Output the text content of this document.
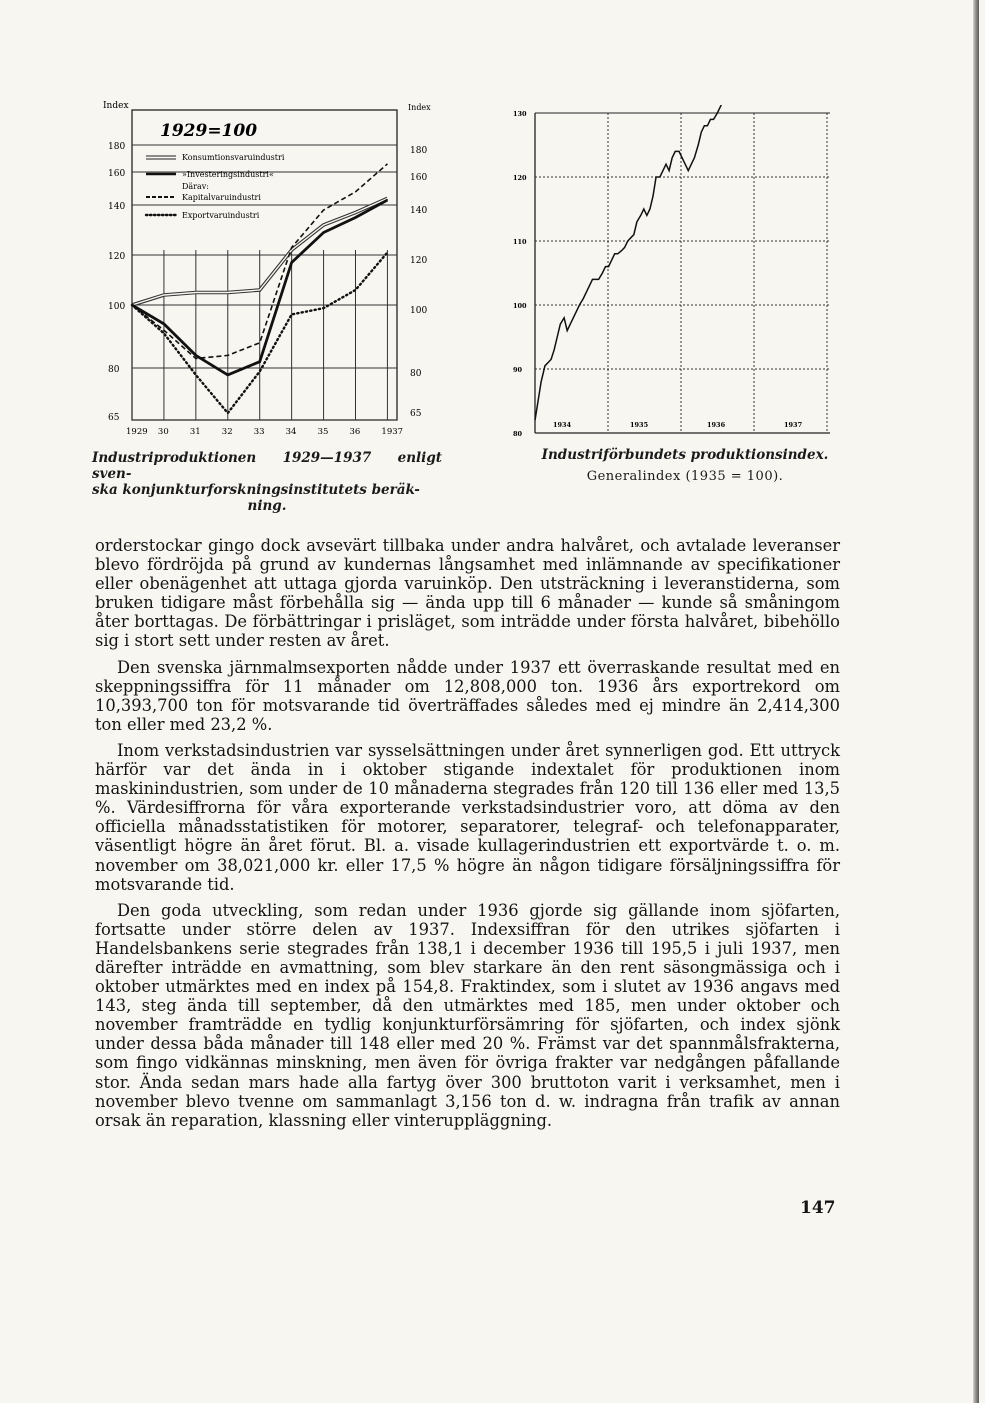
65	65
80	80
100	100
120	120
140	140
160	160
180	180
Index	Index
1929 30 31 32 33 34 35 36 1937
1929=100
Konsumtionsvaruindustri
»Investeringsindustri«
Därav:
Kapitalvaruindustri
Exportvaruindustri
80
90
100
110
120
130
1934	1935	1936	1937
Industriproduktionen 1929—1937 enligt sven-
ska konjunkturforskningsinstitutets beräk-
ning.
Industriförbundets produktionsindex.
Generalindex (1935 = 100).

orderstockar gingo dock avsevärt tillbaka under andra halvåret, och avtalade leveranser blevo fördröjda på grund av kundernas långsamhet med inlämnande av specifikationer eller obenägenhet att uttaga gjorda varuinköp. Den utsträckning i leveranstiderna, som bruken tidigare måst förbehålla sig — ända upp till 6 månader — kunde så småningom åter borttagas. De förbättringar i prisläget, som inträdde under första halvåret, bibehöllo sig i stort sett under resten av året.

Den svenska järnmalmsexporten nådde under 1937 ett överraskande resultat med en skeppningssiffra för 11 månader om 12,808,000 ton. 1936 års exportrekord om 10,393,700 ton för motsvarande tid överträffades således med ej mindre än 2,414,300 ton eller med 23,2 %.

Inom verkstadsindustrien var sysselsättningen under året synnerligen god. Ett uttryck härför var det ända in i oktober stigande indextalet för produktionen inom maskinindustrien, som under de 10 månaderna stegrades från 120 till 136 eller med 13,5 %. Värdesiffrorna för våra exporterande verkstadsindustrier voro, att döma av den officiella månadsstatistiken för motorer, separatorer, telegraf- och telefonapparater, väsentligt högre än året förut. Bl. a. visade kullagerindustrien ett exportvärde t. o. m. november om 38,021,000 kr. eller 17,5 % högre än någon tidigare försäljningssiffra för motsvarande tid.

Den goda utveckling, som redan under 1936 gjorde sig gällande inom sjöfarten, fortsatte under större delen av 1937. Indexsiffran för den utrikes sjöfarten i Handelsbankens serie stegrades från 138,1 i december 1936 till 195,5 i juli 1937, men därefter inträdde en avmattning, som blev starkare än den rent säsongmässiga och i oktober utmärktes med en index på 154,8. Fraktindex, som i slutet av 1936 angavs med 143, steg ända till september, då den utmärktes med 185, men under oktober och november framträdde en tydlig konjunkturförsämring för sjöfarten, och index sjönk under dessa båda månader till 148 eller med 20 %. Främst var det spannmålsfrakterna, som fingo vidkännas minskning, men även för övriga frakter var nedgången påfallande stor. Ända sedan mars hade alla fartyg över 300 bruttoton varit i verksamhet, men i november blevo tvenne om sammanlagt 3,156 ton d. w. indragna från trafik av annan orsak än reparation, klassning eller vinteruppläggning.

147
